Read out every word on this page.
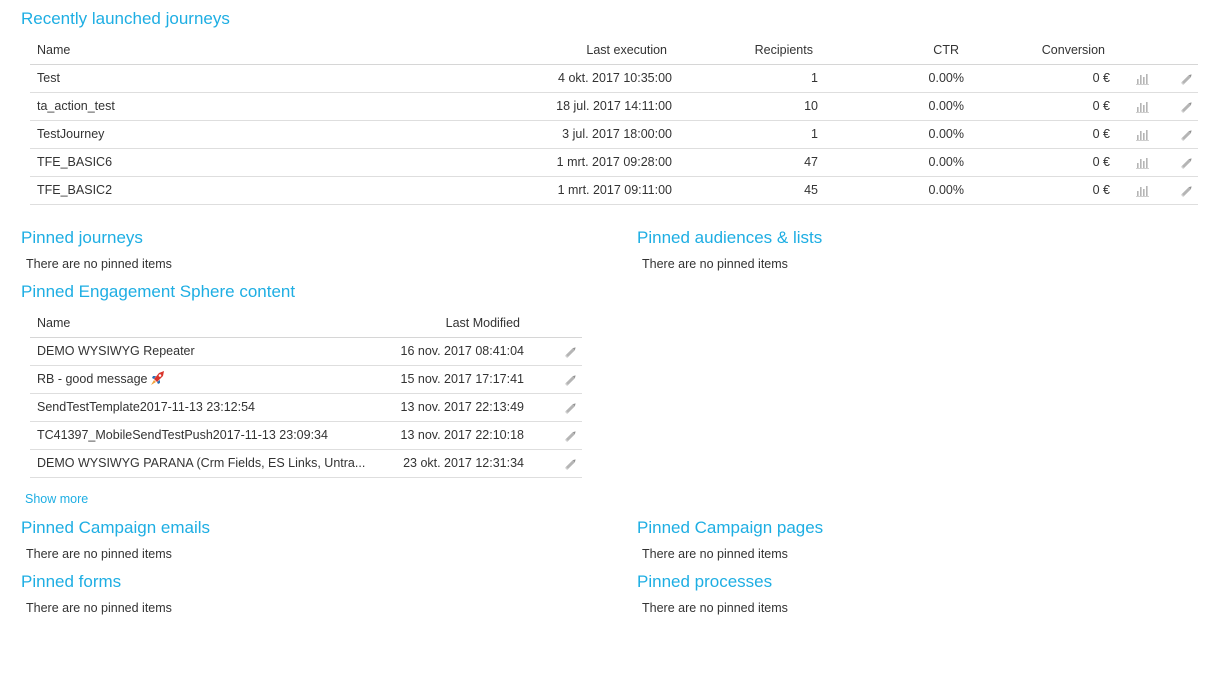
Recently launched journeys
Name	Last execution	Recipients	CTR	Conversion
Test	4 okt. 2017 10:35:00	1	0.00%	0 €
ta_action_test	18 jul. 2017 14:11:00	10	0.00%	0 €
TestJourney	3 jul. 2017 18:00:00	1	0.00%	0 €
TFE_BASIC6	1 mrt. 2017 09:28:00	47	0.00%	0 €
TFE_BASIC2	1 mrt. 2017 09:11:00	45	0.00%	0 €
Pinned journeys
There are no pinned items
Pinned audiences & lists
There are no pinned items
Pinned Engagement Sphere content
Name	Last Modified
DEMO WYSIWYG Repeater	16 nov. 2017 08:41:04
RB - good message	15 nov. 2017 17:17:41
SendTestTemplate2017-11-13 23:12:54	13 nov. 2017 22:13:49
TC41397_MobileSendTestPush2017-11-13 23:09:34	13 nov. 2017 22:10:18
DEMO WYSIWYG PARANA (Crm Fields, ES Links, Untra...	23 okt. 2017 12:31:34
Show more
Pinned Campaign emails
There are no pinned items
Pinned Campaign pages
There are no pinned items
Pinned forms
There are no pinned items
Pinned processes
There are no pinned items
